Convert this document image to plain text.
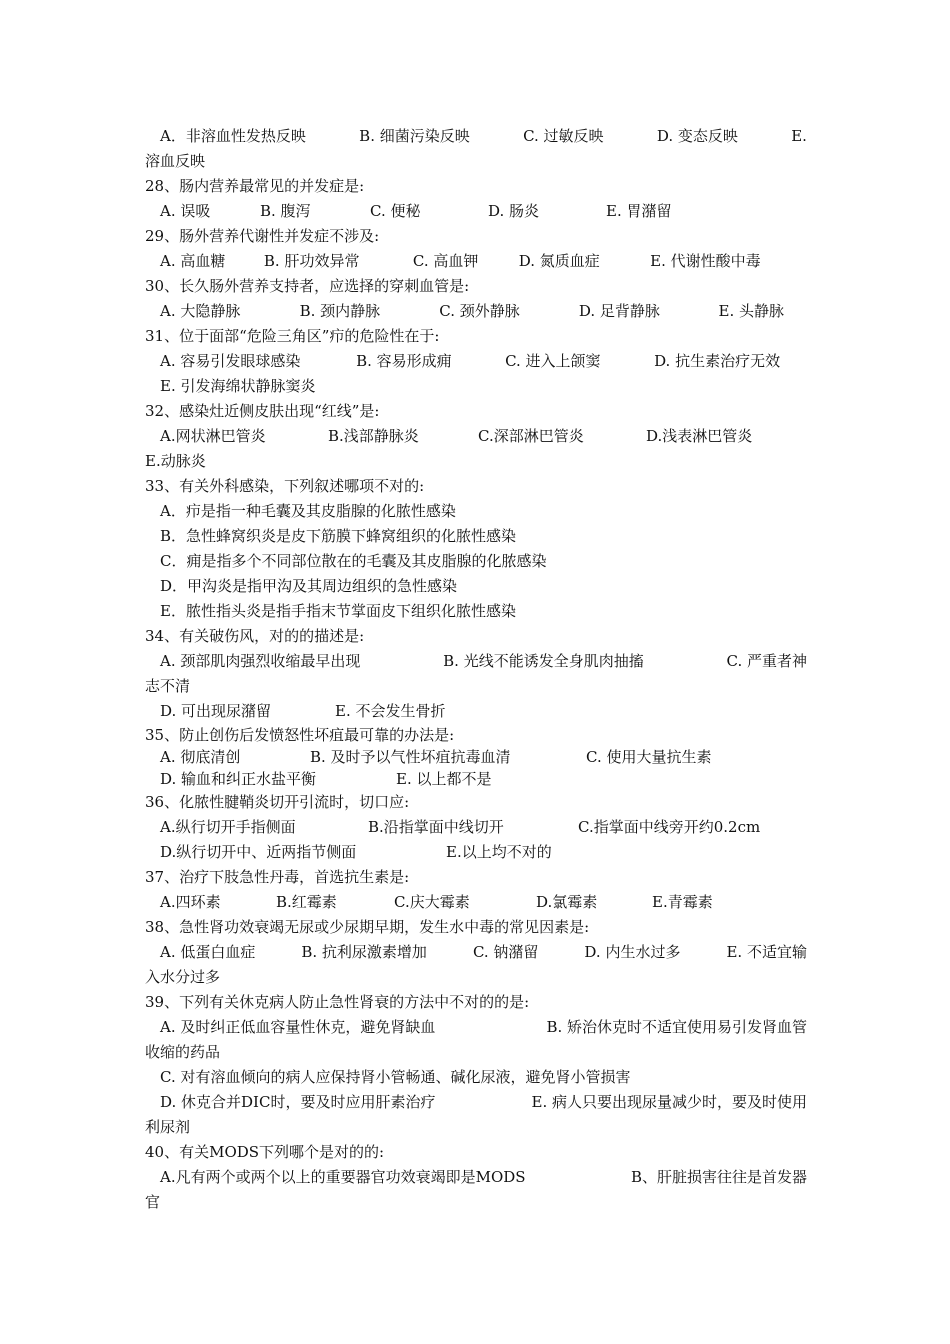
A．非溶血性发热反映	B. 细菌污染反映	C. 过敏反映	D. 变态反映	E.
溶血反映
28、肠内营养最常见的并发症是:
A. 误吸	B. 腹泻	C. 便秘	D. 肠炎	E. 胃潴留
29、肠外营养代谢性并发症不涉及:
A. 高血糖	B. 肝功效异常	C. 高血钾	D. 氮质血症	E. 代谢性酸中毒
30、长久肠外营养支持者，应选择的穿刺血管是:
A. 大隐静脉	B. 颈内静脉	C. 颈外静脉	D. 足背静脉	E. 头静脉
31、位于面部“危险三角区”疖的危险性在于:
A. 容易引发眼球感染	B. 容易形成痈	C. 进入上颌窦	D. 抗生素治疗无效
E. 引发海绵状静脉窦炎
32、感染灶近侧皮肤出现“红线”是:
A.网状淋巴管炎	B.浅部静脉炎	C.深部淋巴管炎	D.浅表淋巴管炎
E.动脉炎
33、有关外科感染，下列叙述哪项不对的:
A．疖是指一种毛囊及其皮脂腺的化脓性感染
B．急性蜂窝织炎是皮下筋膜下蜂窝组织的化脓性感染
C．痈是指多个不同部位散在的毛囊及其皮脂腺的化脓感染
D．甲沟炎是指甲沟及其周边组织的急性感染
E．脓性指头炎是指手指末节掌面皮下组织化脓性感染
34、有关破伤风，对的的描述是:
A. 颈部肌肉强烈收缩最早出现	B. 光线不能诱发全身肌肉抽搐	C. 严重者神
志不清
D. 可出现尿潴留	E. 不会发生骨折
35、防止创伤后发愤怒性坏疽最可靠的办法是:
A. 彻底清创	B. 及时予以气性坏疽抗毒血清	C. 使用大量抗生素
D. 输血和纠正水盐平衡	E. 以上都不是
36、化脓性腱鞘炎切开引流时，切口应:
A.纵行切开手指侧面	B.沿指掌面中线切开	C.指掌面中线旁开约0.2cm
D.纵行切开中、近两指节侧面	E.以上均不对的
37、治疗下肢急性丹毒，首选抗生素是:
A.四环素	B.红霉素	C.庆大霉素	D.氯霉素	E.青霉素
38、急性肾功效衰竭无尿或少尿期早期，发生水中毒的常见因素是:
A. 低蛋白血症	B. 抗利尿激素增加	C. 钠潴留	D. 内生水过多	E. 不适宜输
入水分过多
39、下列有关休克病人防止急性肾衰的方法中不对的的是:
A. 及时纠正低血容量性休克，避免肾缺血	B. 矫治休克时不适宜使用易引发肾血管
收缩的药品
C. 对有溶血倾向的病人应保持肾小管畅通、碱化尿液，避免肾小管损害
D. 休克合并DIC时，要及时应用肝素治疗	E. 病人只要出现尿量减少时，要及时使用
利尿剂
40、有关MODS下列哪个是对的的:
A.凡有两个或两个以上的重要器官功效衰竭即是MODS	B、肝脏损害往往是首发器
官
